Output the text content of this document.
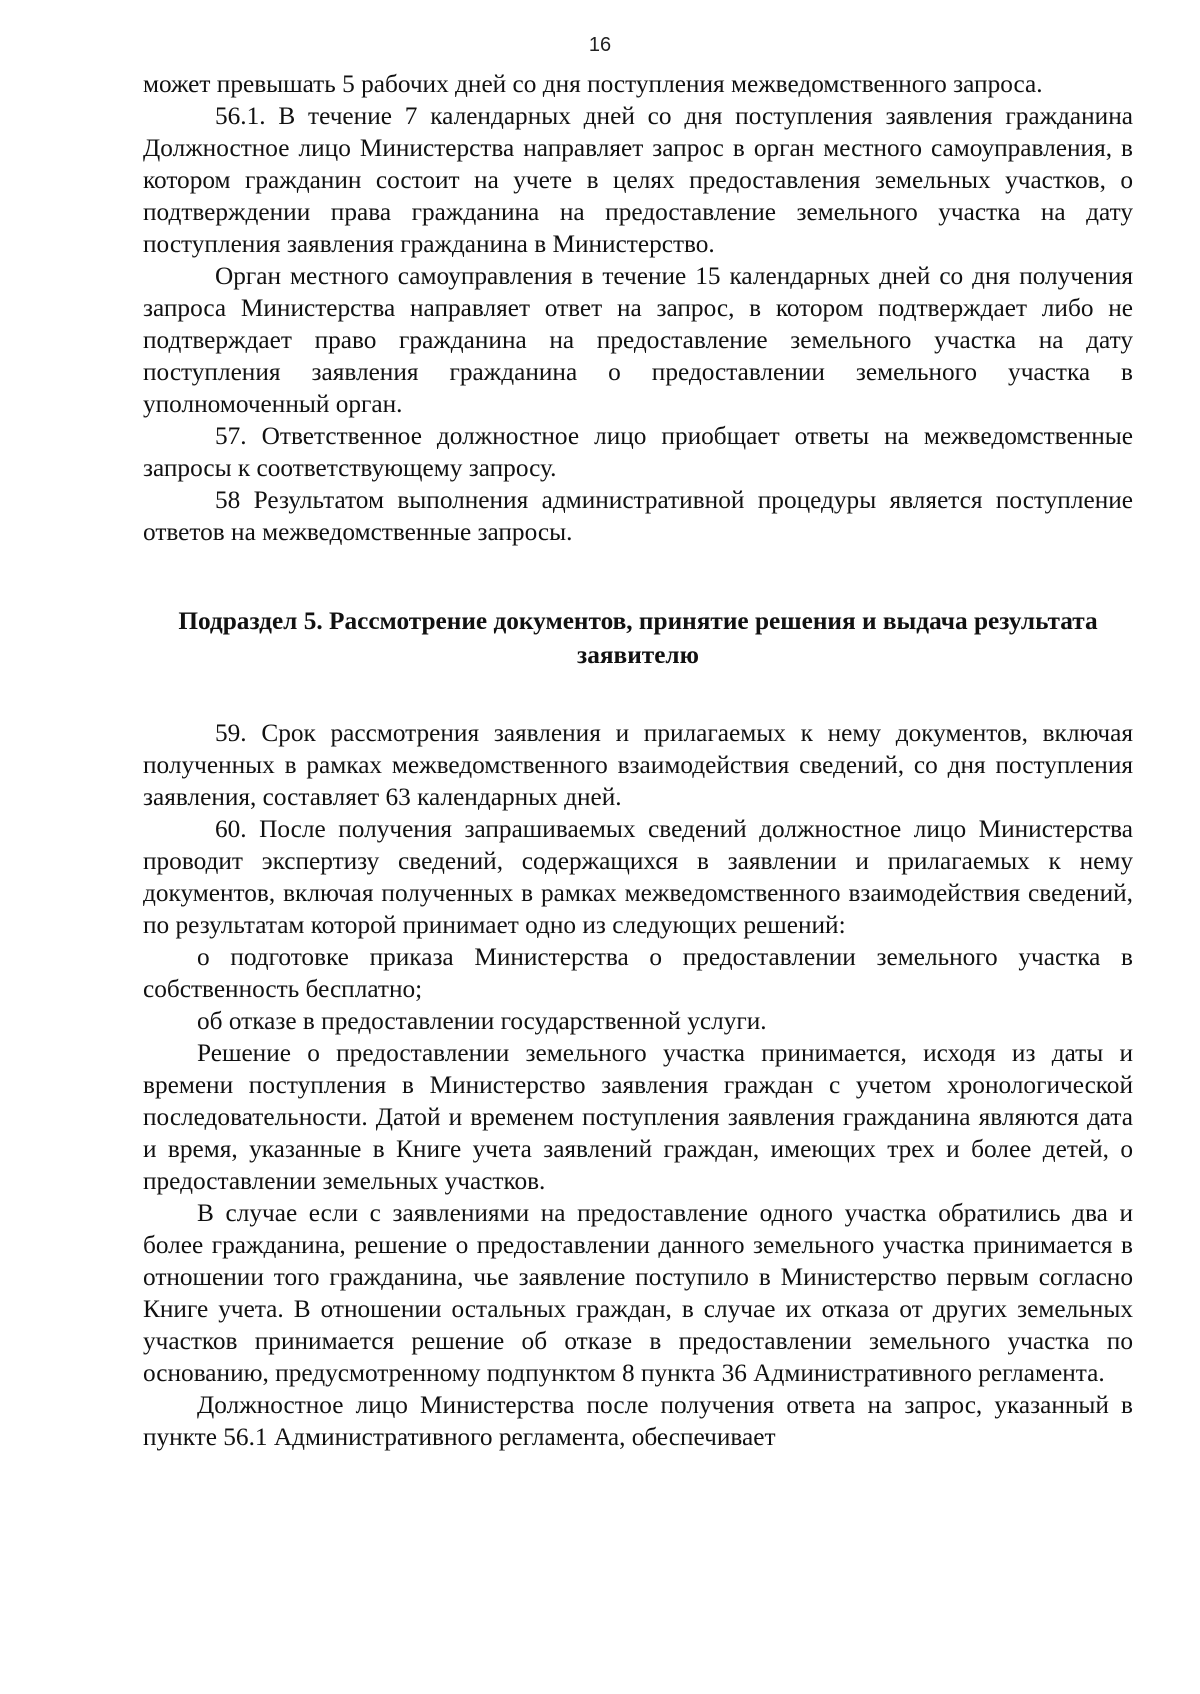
16

может превышать 5 рабочих дней со дня поступления межведомственного запроса.

56.1. В течение 7 календарных дней со дня поступления заявления гражданина Должностное лицо Министерства направляет запрос в орган местного самоуправления, в котором гражданин состоит на учете в целях предоставления земельных участков, о подтверждении права гражданина на предоставление земельного участка на дату поступления заявления гражданина в Министерство.

Орган местного самоуправления в течение 15 календарных дней со дня получения запроса Министерства направляет ответ на запрос, в котором подтверждает либо не подтверждает право гражданина на предоставление земельного участка на дату поступления заявления гражданина о предоставлении земельного участка в уполномоченный орган.

57. Ответственное должностное лицо приобщает ответы на межведомственные запросы к соответствующему запросу.

58 Результатом выполнения административной процедуры является поступление ответов на межведомственные запросы.

Подраздел 5. Рассмотрение документов, принятие решения и выдача результата заявителю

59. Срок рассмотрения заявления и прилагаемых к нему документов, включая полученных в рамках межведомственного взаимодействия сведений, со дня поступления заявления, составляет 63 календарных дней.

60. После получения запрашиваемых сведений должностное лицо Министерства проводит экспертизу сведений, содержащихся в заявлении и прилагаемых к нему документов, включая полученных в рамках межведомственного взаимодействия сведений, по результатам которой принимает одно из следующих решений:

о подготовке приказа Министерства о предоставлении земельного участка в собственность бесплатно;

об отказе в предоставлении государственной услуги.

Решение о предоставлении земельного участка принимается, исходя из даты и времени поступления в Министерство заявления граждан с учетом хронологической последовательности. Датой и временем поступления заявления гражданина являются дата и время, указанные в Книге учета заявлений граждан, имеющих трех и более детей, о предоставлении земельных участков.

В случае если с заявлениями на предоставление одного участка обратились два и более гражданина, решение о предоставлении данного земельного участка принимается в отношении того гражданина, чье заявление поступило в Министерство первым согласно Книге учета. В отношении остальных граждан, в случае их отказа от других земельных участков принимается решение об отказе в предоставлении земельного участка по основанию, предусмотренному подпунктом 8 пункта 36 Административного регламента.

Должностное лицо Министерства после получения ответа на запрос, указанный в пункте 56.1 Административного регламента, обеспечивает
